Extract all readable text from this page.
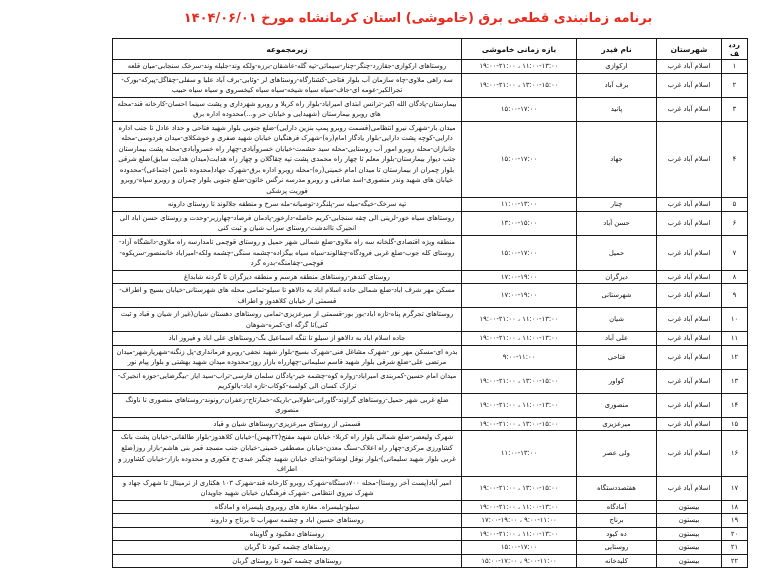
برنامه زمانبندی قطعی برق (خاموشی) استان کرمانشاه مورخ ۱۴۰۴/۰۶/۰۱
ردیف	شهرستان	نام فیدر	بازه زمانی خاموشی	زیرمجموعه
۱	اسلام آباد غرب	ارکوازی	۱۱:۰۰-۱۳:۰۰ ، ۱۹:۰۰-۲۱:۰۰	روستاهای ارکوازی-جقازرد-چنگر-چنار-سیماتی-تپه گله-عاشقان-برزه-ولکه وند-جلیله وند-سرخک سنجابی-میان قلعه
۲	اسلام آباد غرب	برف آباد	۱۳:۰۰-۱۵:۰۰ ، ۱۹:۰۰-۲۱:۰۰	سه راهی ملاوی-چاه سازمان آب بلوار فتاحی-کشتارگاه-روستاهای لر -وثابی-برف آباد علیا و سفلی-چقاگل-پیرکه-بورک-تجرالکبر-عومه ای-جاف-سیاه سیاه شیخه-سیاه سیاه کیخسروی و سیاه سیاه حبیب
۳	اسلام آباد غرب	پانید	۱۵:۰۰-۱۷:۰۰	بیمارستان-پادگان الله اکبر-ترانس ابتدای امیراباد-بلوار راه کربلا و روبرو شهرداری و پشت سینما احسان-کارخانه قند-محله های روبرو بیمارستان (شهیدایی و خیابان حر و...)محدوده اداره برق
۴	اسلام آباد غرب	جهاد	۱۵:۰۰-۱۷:۰۰	میدان بار-شهرک نیرو انتظامی(قسمت روبرو پمپ بنزین دارایی)-ضلع جنوبی بلوار شهید فتاحی و حداد عادل تا جنب اداره دارایی-کوچه پشت دارایی-بلوار یادگار امام(ره)-شهرک فرهنگیان خیابان شهید صفری و خوشکلای-میدان فردوسی-محله جانبازان-محله روبرو امور آب روستایی-محله سید حشمت-خیابان خسروآبادی-چهار راه خسروآبادی-محله پشت بیمارستان جنب دیوار بیمارستان-بلوار معلم تا چهار راه محمدی پشت تپه چقاگلان و چهار راه هدایت(میدان هدایت سابق)ضلع شرقی بلوار چمران از بیمارستان تا میدان امام خمینی(ره)-محله روبرو اداره برق-شهرک جهاد(محدوده تامین اجتماعی)-محدوده خیابان های شهید وندر منصوری-اسد صادقی و روبرو مدرسه نرگس خاتون-ضلع جنوبی بلوار چمران و روبرو سپاه-روبرو فوریت پزشکی
۵	اسلام آباد غرب	چنار	۱۱:۰۰-۱۳:۰۰	تپه سرخک-خیگه-میله سر-پلنگرد-توصیانه-مله سرخ و منطقه جلالوند تا روستای دارونه
۶	اسلام آباد غرب	حسن آباد	۱۳:۰۰-۱۵:۰۰	روستاهای سیاه خور-لرینی الی چقه سنجابی-کریم حاصله-دارخور-پادمان فرصاد-چهارزبر-وحدت و روستای حسن اباد الی انجیرک تااندشت-روستای سراب شیان و ثبت کنی
۷	اسلام آباد غرب	حمیل	۱۵:۰۰-۱۷:۰۰	منطقه ویژه اقتصادی-گلخانه سه راه ملاوی-ضلع شمالی شهر حمیل و روستای قوچمی تامدارسه راه ملاوی-دانشگاه آزاد-روستای کله جوب-ضلع غربی فرودگاه-چقالوند-سیاه سیاه بیگزاده-چشمه سنگی-چشمه ولکه-امیراباد خانمنصور-سریکوه-قوچمی-چقامنگه-بدره گرد
۸	اسلام آباد غرب	دیزگران	۱۷:۰۰-۱۹:۰۰	روستای کندهر-روستاهای منطقه هرسم و منطقه دیزگران تا گردنه شابداغ
۹	اسلام آباد غرب	شهرستانی	۱۷:۰۰-۱۹:۰۰	مسکن مهر شرف اباد-ضلع شمالی جاده اسلام اباد به دالاهو تا سیلو-تمامی محله های شهرستانی-خیابان بسیج و اطراف-قسمتی از خیابان کلاهدوز و اطراف
۱۰	اسلام آباد غرب	شیان	۱۱:۰۰-۱۳:۰۰ ، ۱۹:۰۰-۲۱:۰۰	روستاهای تجرگرم پناه-تازه اباد-بور بور-قسمتی از میرعزیزی-تمامی روستاهای دهستان شیان(غیر از شیان و قباد و ثبت کنی)تا گرگه ای-کمره-شوهان
۱۱	اسلام آباد غرب	علی آباد	۱۱:۰۰-۱۳:۰۰ ، ۱۹:۰۰-۲۱:۰۰	جاده اسلام اباد به دالاهو از سیلو تا تنگه اسماعیل بگ-روستاهای علی اباد و فیروز اباد
۱۲	اسلام آباد غرب	فتاحی	۹:۰۰-۱۱:۰۰	بدره ای-مسکن مهر نور -شهرک مشاغل فنی-شهرک بسیج-بلوار شهید نجفی-روبرو فرمانداری-پل زنگنه-شهریارشهر-میدان مرتضی علی-ضلع شرقی بلوار شهید قاسم سلیمانی-چهارراه بازار روز-محدوده میدان شهید بهشتی و بلوار پیام نور
۱۳	اسلام آباد غرب	کواور	۱۳:۰۰-۱۵:۰۰ ، ۱۹:۰۰-۲۱:۰۰	میدان امام حسین-کمربندی امیراباد-زواره کوه-چشمه خیر-پادگان سلمان فارسی-تراب-سید ایاز -بیگرضایی-حوزه انجیرک-ترازک کسان الی کولسه-کوکاب-تازه اباد-بالوکریم
۱۴	اسلام آباد غرب	منصوری	۱۱:۰۰-۱۳:۰۰ ، ۱۹:۰۰-۲۱:۰۰	ضلع غربی شهر حمیل-روستاهای گراوند-گاورانی-طولابی-باریکه-خمارتاج-زعفران-رونوند-روستاهای منصوری تا ناونگ منصوری
۱۵	اسلام آباد غرب	میرعزیزی	۱۳:۰۰-۱۵:۰۰ ، ۱۹:۰۰-۲۱:۰۰	قسمتی از روستای میرعزیزی-روستاهای شیان و قباد
۱۶	اسلام آباد غرب	ولی عصر	۱۱:۰۰-۱۳:۰۰	شهرک ولیعصر-ضلع شمالی بلوار راه کربلا- خیابان شهید مفتح(۲۲بهمن)-خیابان کلاهدوز-بلوار طالقانی-خیابان پشت بانک کشاورزی مرکزی-چهار راه اعلاک-سنگ معدن-خیابان مصطفی خمینی-خیابان جنب مسجد قمر بنی هاشم-بازار روز(ضلع غربی بلوار شهید سلیمانی)-بلوار نوفل لوشاتو-ابتدای خیابان شهید چنگیز عبدی-خ فکوری و محدوده بازار-خیابان کشاورز و اطراف
۱۷	اسلام آباد غرب	هفتصددستگاه	۱۳:۰۰-۱۵:۰۰ ، ۱۹:۰۰-۲۱:۰۰	امیر آباد(پست آخر روستا)-محله ۷۰۰دستگاه-شهرک روبرو کارخانه قند-شهرک ۱۰۳ هکتاری از ترمینال تا شهرک جهاد و شهرک نیروی انتظامی -شهرک فرهنگیان خیابان شهید جاویدان
۱۸	بیستون	آمادگاه	۱۱:۰۰-۱۳:۰۰ ، ۱۹:۰۰-۲۱:۰۰	سیلو-پلیسراه. مغازه های روبروی پلیسراه و امادگاه
۱۹	بیستون	برناج	۹:۰۰-۱۱:۰۰ ، ۱۷:۰۰-۱۹:۰۰	روستاهای حسین اباد و چشمه سهراب تا برناج و داروند
۲۰	بیستون	ده کبود	۱۱:۰۰-۱۳:۰۰ ، ۱۹:۰۰-۲۱:۰۰	روستاهای دهکبود و گاویناه
۲۱	بیستون	روستایی	۱۵:۰۰-۱۷:۰۰	روستاهای چشمه کبود تا گربان
۲۲	بیستون	کلیدخانه	۹:۰۰-۱۱:۰۰ ، ۱۵:۰۰-۱۷:۰۰	روستاهای چشمه کبود تا روستای گربان
